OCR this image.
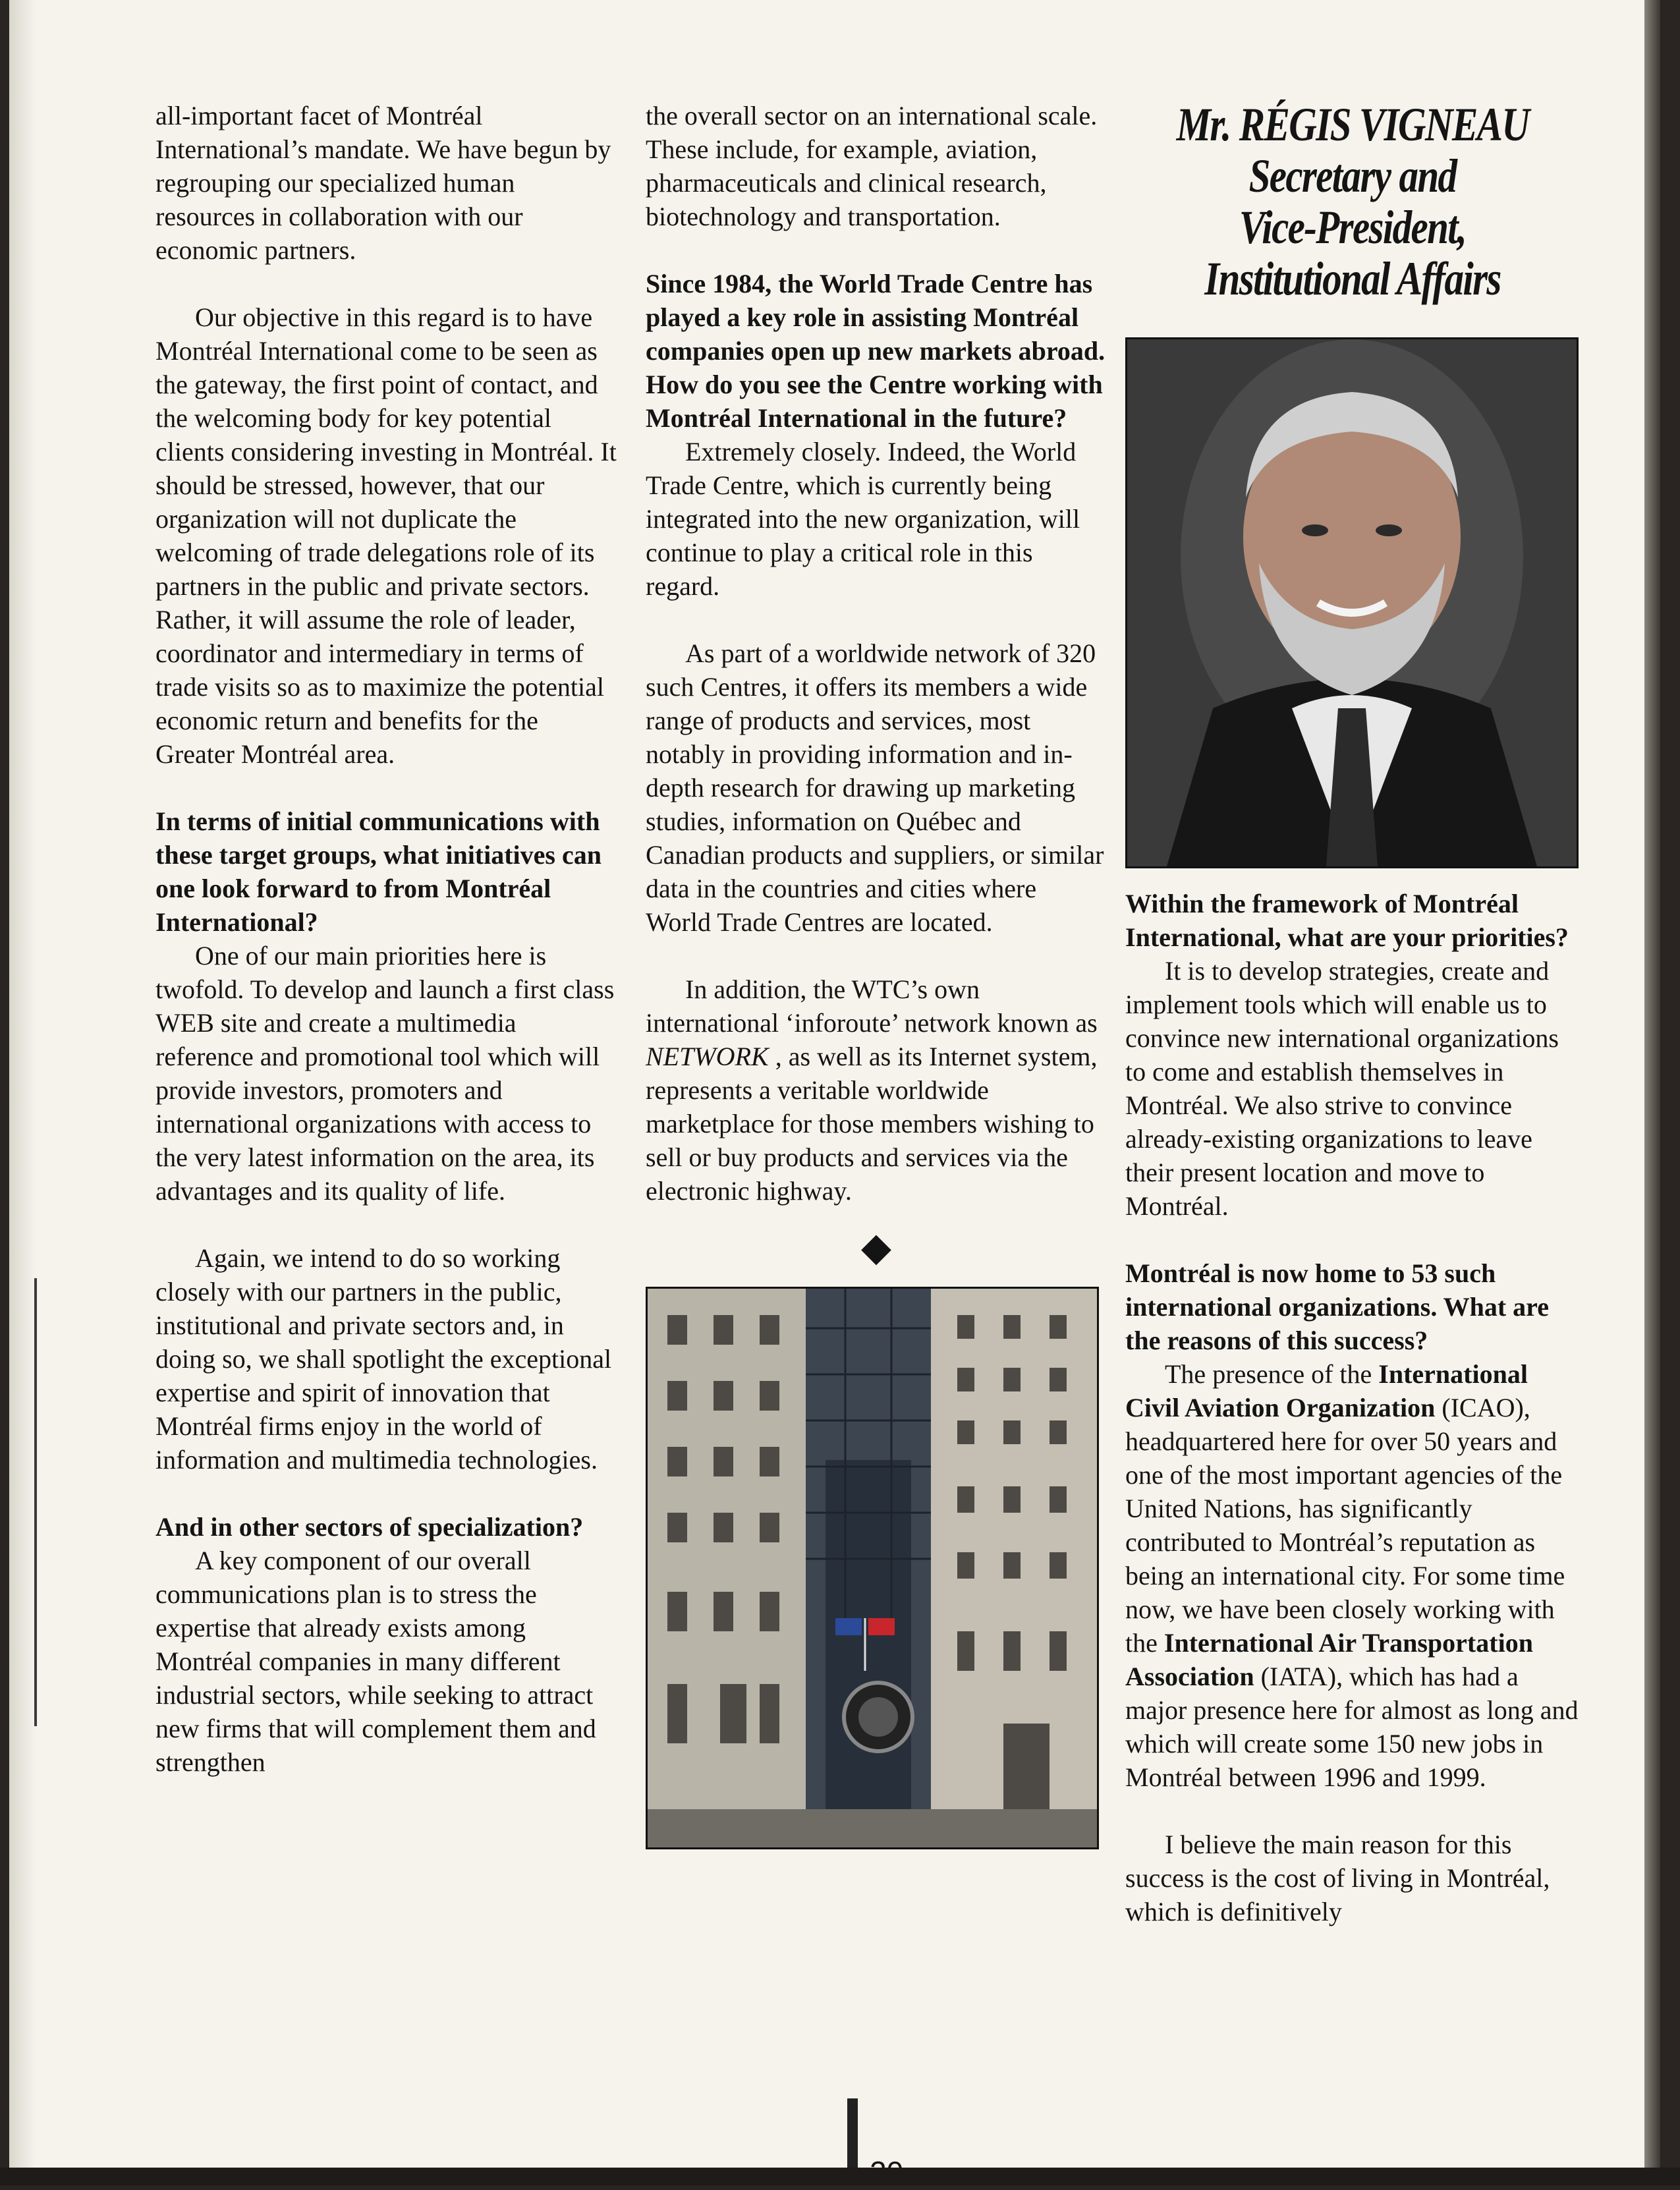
all-important facet of Montréal International’s mandate. We have begun by regrouping our specialized human resources in collaboration with our economic partners.

Our objective in this regard is to have Montréal International come to be seen as the gateway, the first point of contact, and the welcoming body for key potential clients considering investing in Montréal. It should be stressed, however, that our organization will not duplicate the welcoming of trade delegations role of its partners in the public and private sectors. Rather, it will assume the role of leader, coordinator and intermediary in terms of trade visits so as to maximize the potential economic return and benefits for the Greater Montréal area.

In terms of initial communications with these target groups, what initiatives can one look forward to from Montréal International?

One of our main priorities here is twofold. To develop and launch a first class WEB site and create a multimedia reference and promotional tool which will provide investors, promoters and international organizations with access to the very latest information on the area, its advantages and its quality of life.

Again, we intend to do so working closely with our partners in the public, institutional and private sectors and, in doing so, we shall spotlight the exceptional expertise and spirit of innovation that Montréal firms enjoy in the world of information and multimedia technologies.

And in other sectors of specialization?

A key component of our overall communications plan is to stress the expertise that already exists among Montréal companies in many different industrial sectors, while seeking to attract new firms that will complement them and strengthen

the overall sector on an international scale. These include, for example, aviation, pharmaceuticals and clinical research, biotechnology and transportation.

Since 1984, the World Trade Centre has played a key role in assisting Montréal companies open up new markets abroad. How do you see the Centre working with Montréal International in the future?

Extremely closely. Indeed, the World Trade Centre, which is currently being integrated into the new organization, will continue to play a critical role in this regard.

As part of a worldwide network of 320 such Centres, it offers its members a wide range of products and services, most notably in providing information and in-depth research for drawing up marketing studies, information on Québec and Canadian products and suppliers, or similar data in the countries and cities where World Trade Centres are located.

In addition, the WTC’s own international ‘inforoute’ network known as NETWORK , as well as its Internet system, represents a veritable worldwide marketplace for those members wishing to sell or buy products and services via the electronic highway.

◆
Mr. RÉGIS VIGNEAU
Secretary and
Vice-President,
Institutional Affairs

Within the framework of Montréal International, what are your priorities?

It is to develop strategies, create and implement tools which will enable us to convince new international organizations to come and establish themselves in Montréal. We also strive to convince already-existing organizations to leave their present location and move to Montréal.

Montréal is now home to 53 such international organizations. What are the reasons of this success?

The presence of the International Civil Aviation Organization (ICAO), headquartered here for over 50 years and one of the most important agencies of the United Nations, has significantly contributed to Montréal’s reputation as being an international city. For some time now, we have been closely working with the International Air Transportation Association (IATA), which has had a major presence here for almost as long and which will create some 150 new jobs in Montréal between 1996 and 1999.

I believe the main reason for this success is the cost of living in Montréal, which is definitively
